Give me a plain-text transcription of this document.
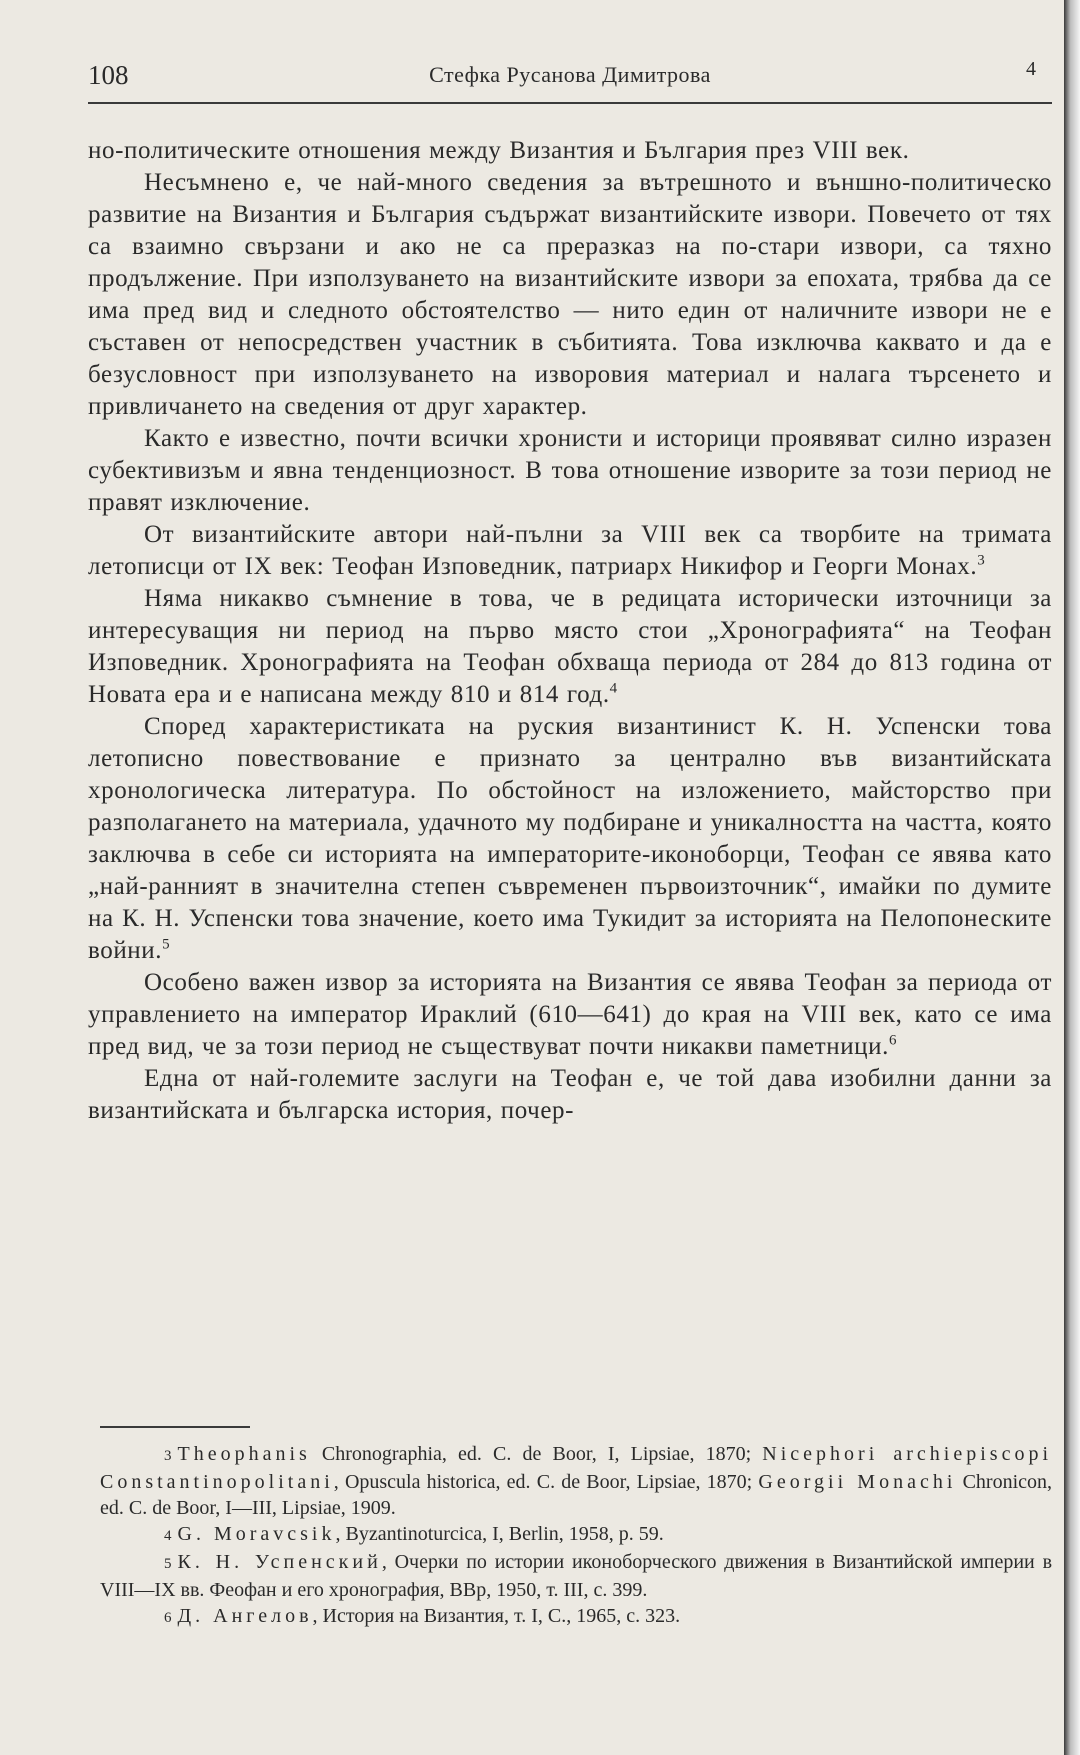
108	Стефка Русанова Димитрова	4

но-политическите отношения между Византия и България през VIII век.

Несъмнено е, че най-много сведения за вътрешното и външно-политическо развитие на Византия и България съдържат византийските извори. Повечето от тях са взаимно свързани и ако не са преразказ на по-стари извори, са тяхно продължение. При използуването на византийските извори за епохата, трябва да се има пред вид и следното обстоятелство — нито един от наличните извори не е съставен от непосредствен участник в събитията. Това изключва каквато и да е безусловност при използуването на изворовия материал и налага търсенето и привличането на сведения от друг характер.

Както е известно, почти всички хронисти и историци проявяват силно изразен субективизъм и явна тенденциозност. В това отношение изворите за този период не правят изключение.

От византийските автори най-пълни за VIII век са творбите на тримата летописци от IX век: Теофан Изповедник, патриарх Никифор и Георги Монах.$^3$

Няма никакво съмнение в това, че в редицата исторически източници за интересуващия ни период на първо място стои „Хронографията“ на Теофан Изповедник. Хронографията на Теофан обхваща периода от 284 до 813 година от Новата ера и е написана между 810 и 814 год.$^4$

Според характеристиката на руския византинист К. Н. Успенски това летописно повествование е признато за централно във византийската хронологическа литература. По обстойност на изложението, майсторство при разполагането на материала, удачното му подбиране и уникалността на частта, която заключва в себе си историята на императорите-иконоборци, Теофан се явява като „най-ранният в значителна степен съвременен първоизточник“, имайки по думите на К. Н. Успенски това значение, което има Тукидит за историята на Пелопонеските войни.$^5$

Особено важен извор за историята на Византия се явява Теофан за периода от управлението на император Ираклий (610—641) до края на VIII век, като се има пред вид, че за този период не съществуват почти никакви паметници.$^6$

Една от най-големите заслуги на Теофан е, че той дава изобилни данни за византийската и българска история, почер-

3 Theophanis Chronographia, ed. C. de Boor, I, Lipsiae, 1870; Nicephori archiepiscopi Constantinopolitani, Opuscula historica, ed. C. de Boor, Lipsiae, 1870; Georgii Monachi Chronicon, ed. C. de Boor, I—III, Lipsiae, 1909.

4 G. Moravcsik, Byzantinoturcica, I, Berlin, 1958, p. 59.

5 К. Н. Успенский, Очерки по истории иконоборческого движения в Византийской империи в VIII—IX вв. Феофан и его хронография, ВВр, 1950, т. III, с. 399.

6 Д. Ангелов, История на Византия, т. I, С., 1965, с. 323.
